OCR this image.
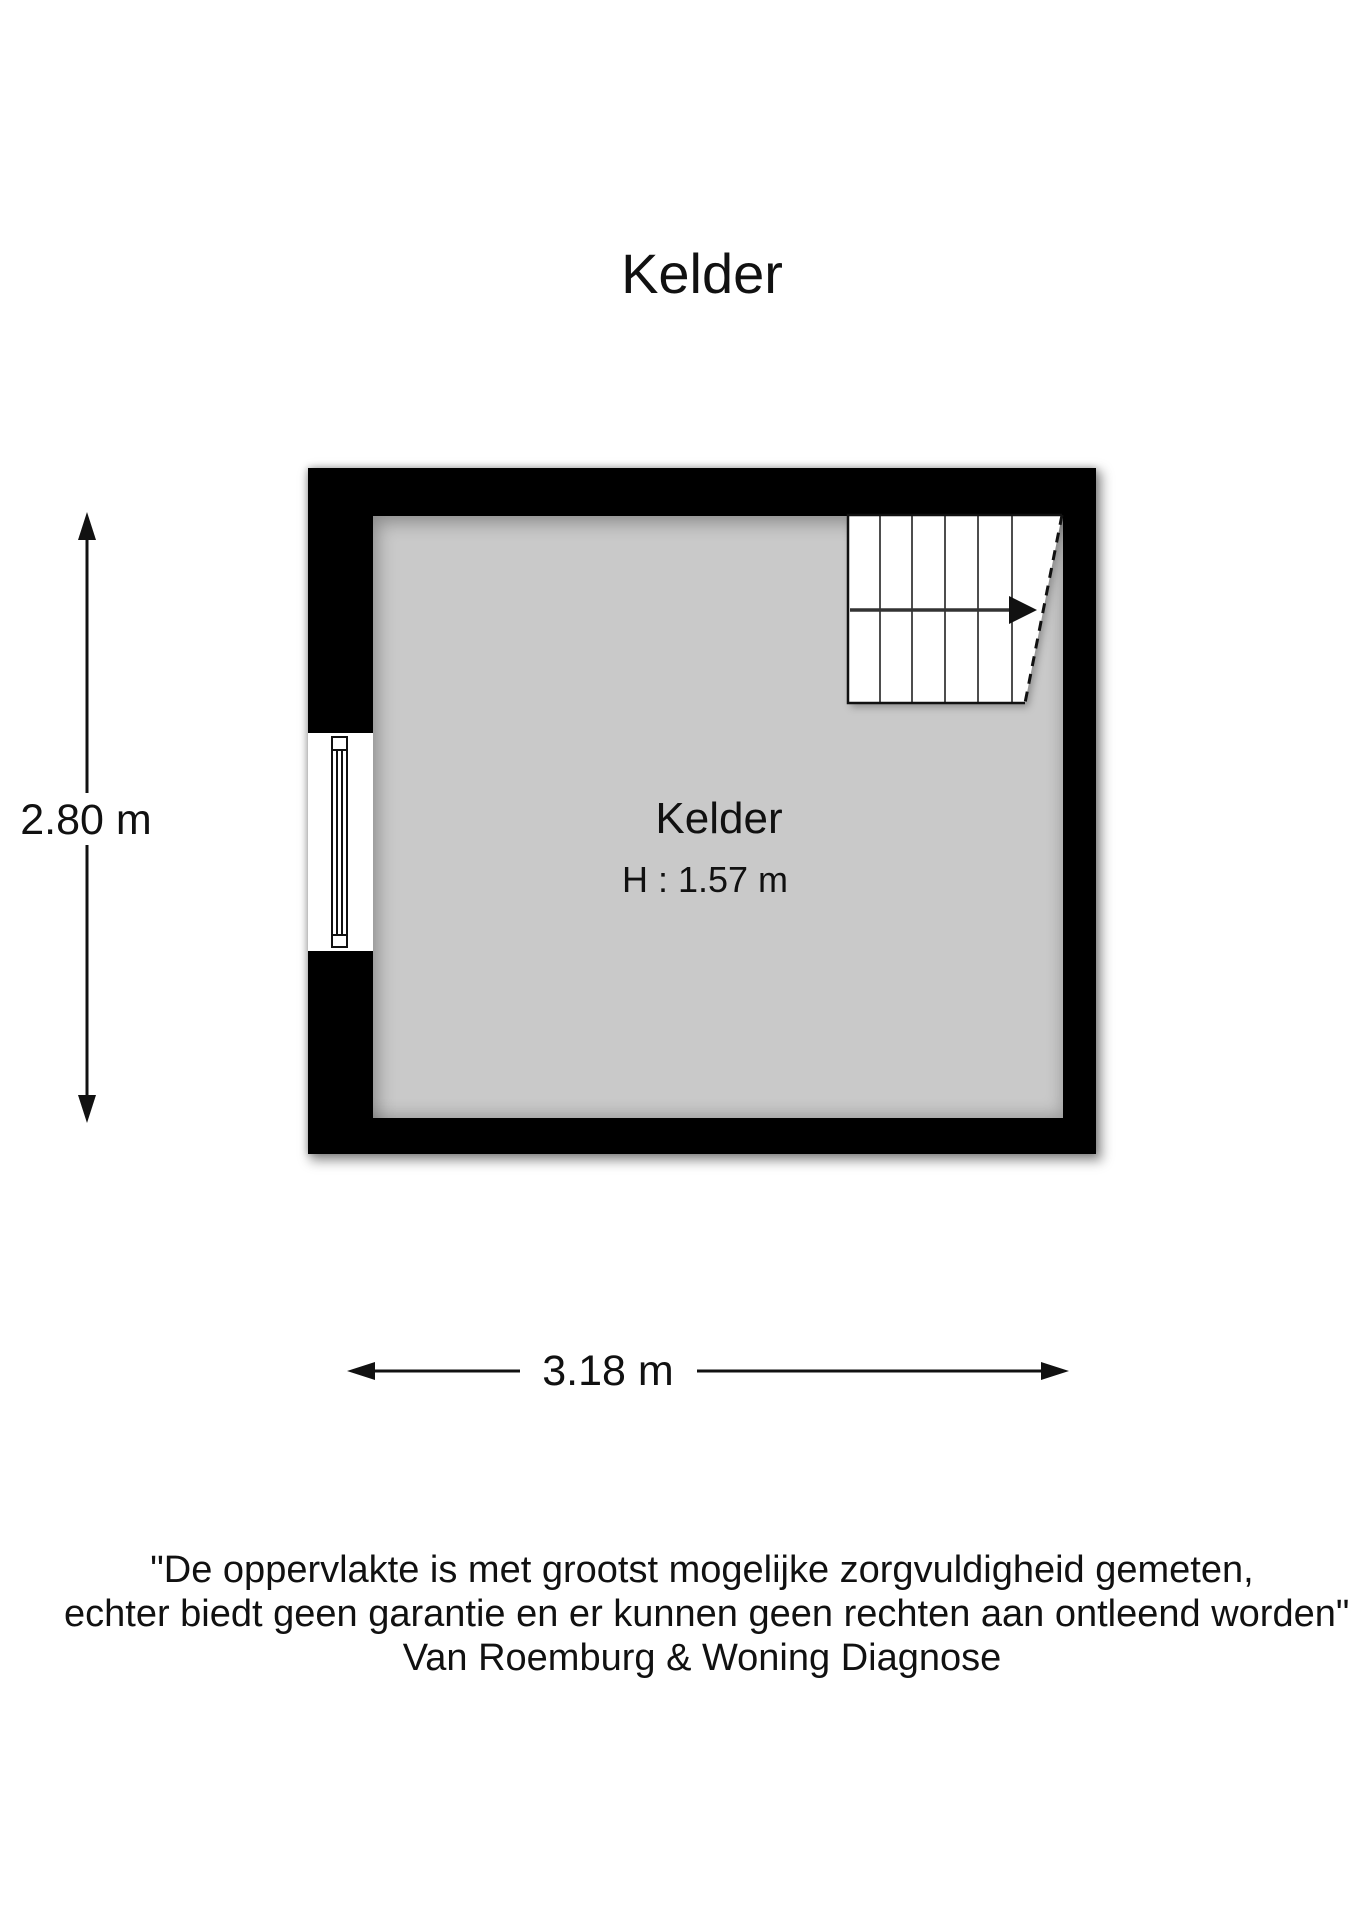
Kelder
2.80 m	Kelder
H : 1.57 m
3.18 m
"De oppervlakte is met grootst mogelijke zorgvuldigheid gemeten,
echter biedt geen garantie en er kunnen geen rechten aan ontleend worden"
Van Roemburg & Woning Diagnose
